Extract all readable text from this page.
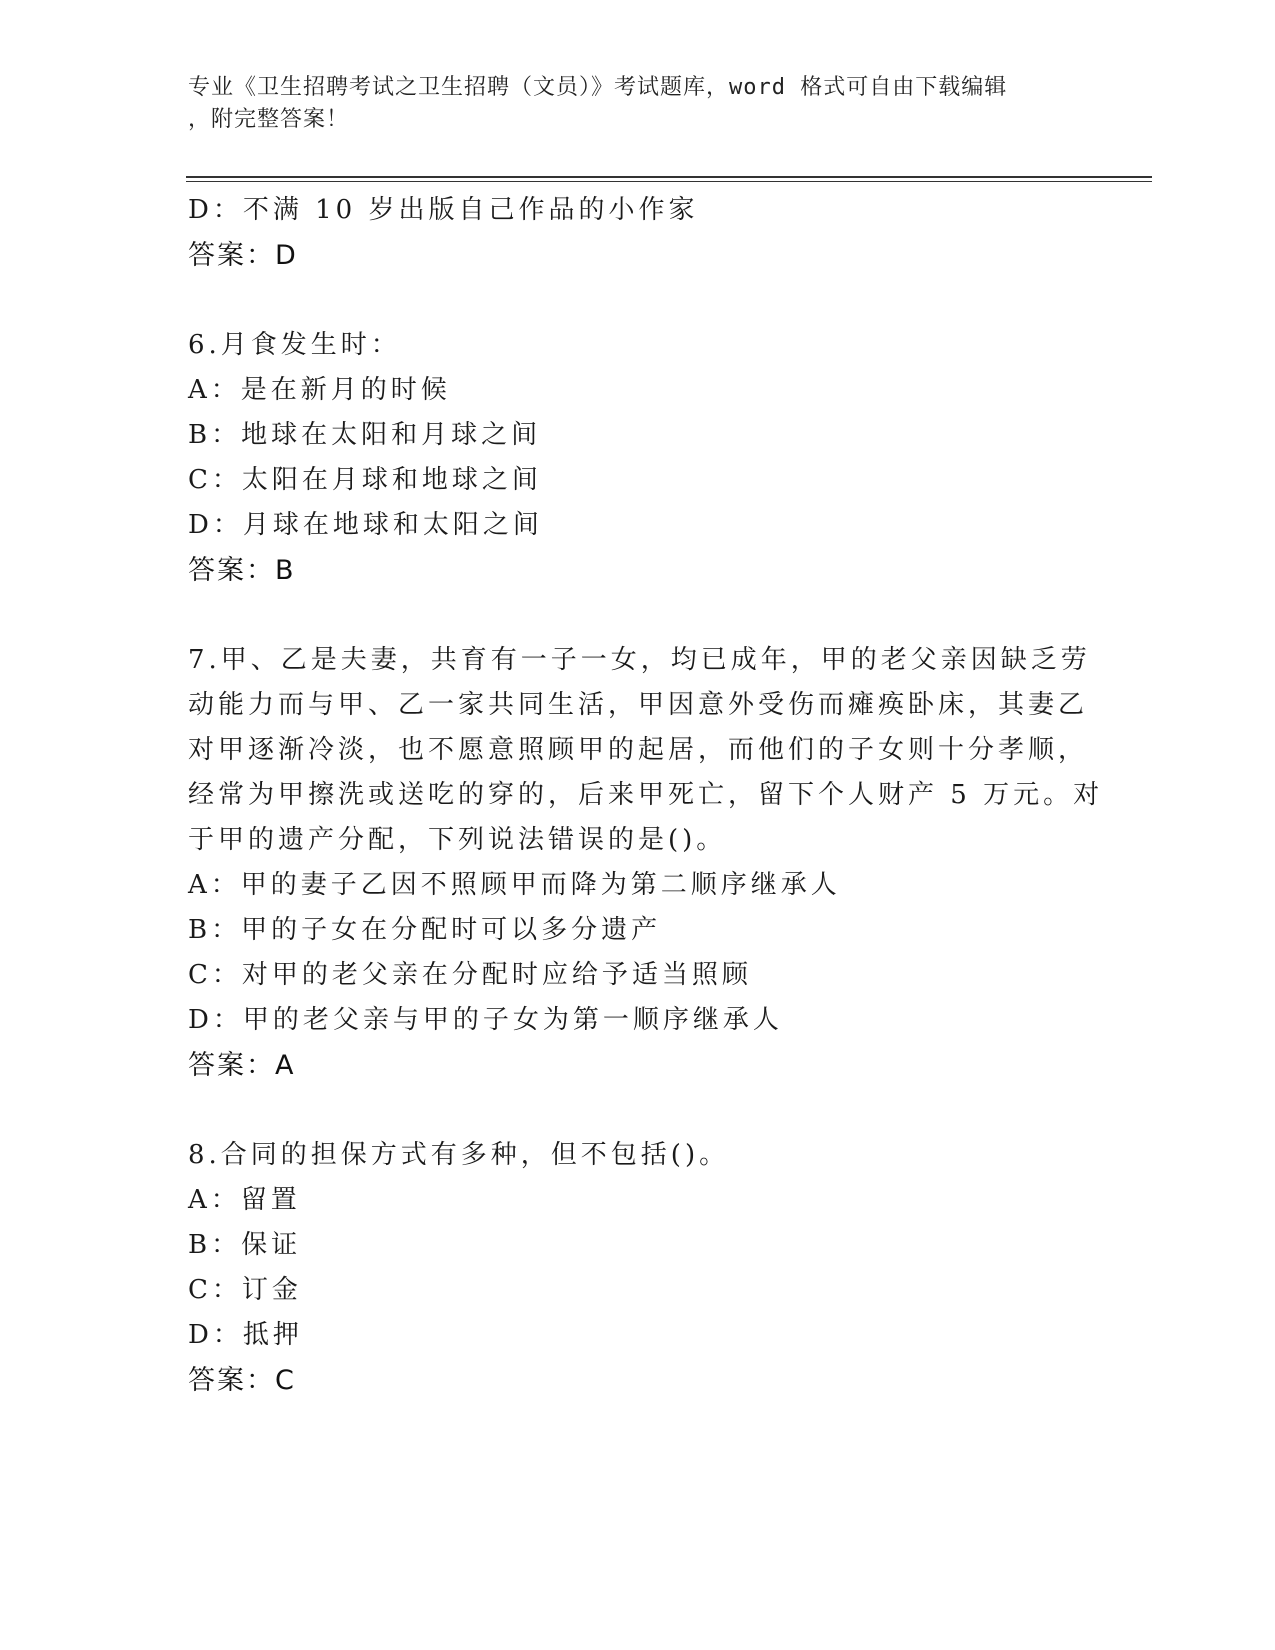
专业《卫生招聘考试之卫生招聘（文员）》考试题库，word 格式可自由下载编辑
，附完整答案！
D：不满 10 岁出版自己作品的小作家
答案：D
6.月食发生时：
A：是在新月的时候
B：地球在太阳和月球之间
C：太阳在月球和地球之间
D：月球在地球和太阳之间
答案：B
7.甲、乙是夫妻，共育有一子一女，均已成年，甲的老父亲因缺乏劳
动能力而与甲、乙一家共同生活，甲因意外受伤而瘫痪卧床，其妻乙
对甲逐渐冷淡，也不愿意照顾甲的起居，而他们的子女则十分孝顺，
经常为甲擦洗或送吃的穿的，后来甲死亡，留下个人财产 5 万元。对
于甲的遗产分配，下列说法错误的是()。
A：甲的妻子乙因不照顾甲而降为第二顺序继承人
B：甲的子女在分配时可以多分遗产
C：对甲的老父亲在分配时应给予适当照顾
D：甲的老父亲与甲的子女为第一顺序继承人
答案：A
8.合同的担保方式有多种，但不包括()。
A：留置
B：保证
C：订金
D：抵押
答案：C
